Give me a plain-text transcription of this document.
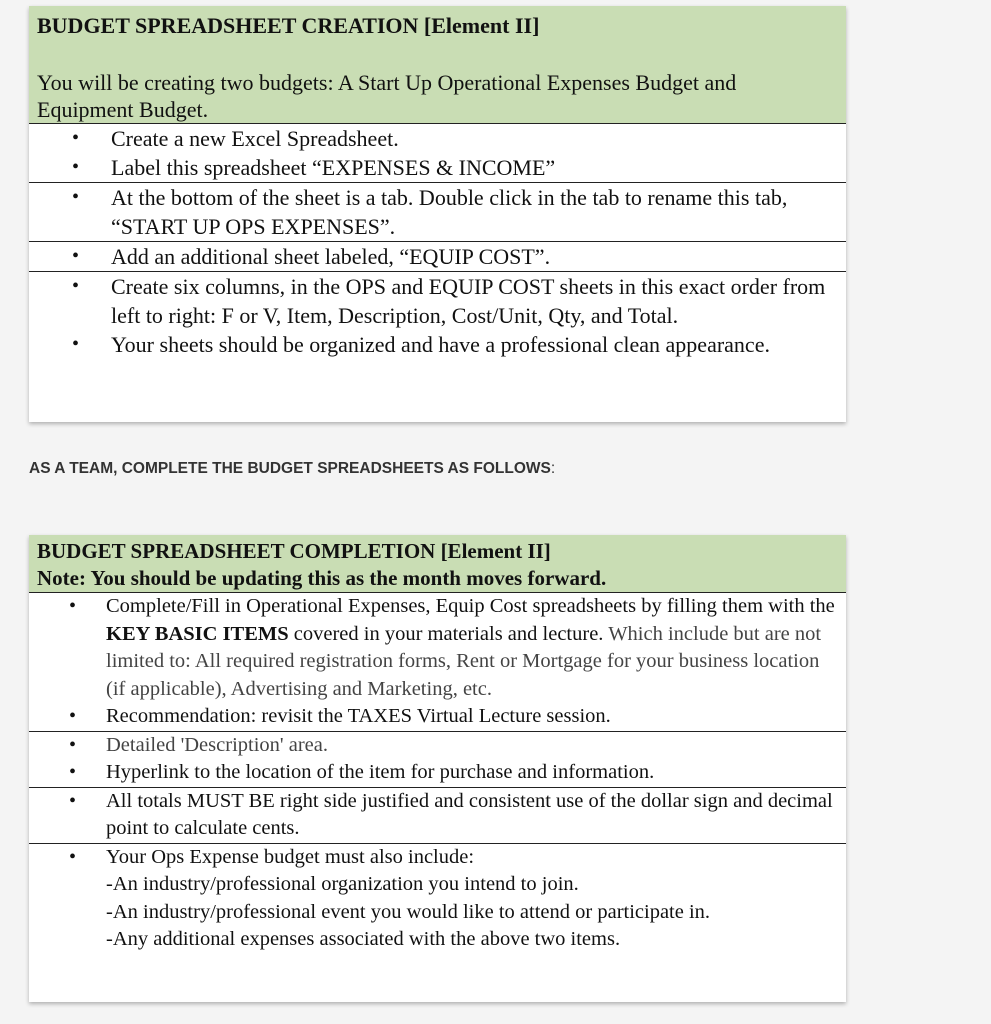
BUDGET SPREADSHEET CREATION [Element II]
You will be creating two budgets: A Start Up Operational Expenses Budget and Equipment Budget.
• Create a new Excel Spreadsheet.
• Label this spreadsheet “EXPENSES & INCOME”
• At the bottom of the sheet is a tab. Double click in the tab to rename this tab, “START UP OPS EXPENSES”.
• Add an additional sheet labeled, “EQUIP COST”.
• Create six columns, in the OPS and EQUIP COST sheets in this exact order from left to right: F or V, Item, Description, Cost/Unit, Qty, and Total.
• Your sheets should be organized and have a professional clean appearance.
AS A TEAM, COMPLETE THE BUDGET SPREADSHEETS AS FOLLOWS:
BUDGET SPREADSHEET COMPLETION [Element II]
Note: You should be updating this as the month moves forward.
• Complete/Fill in Operational Expenses, Equip Cost spreadsheets by filling them with the KEY BASIC ITEMS covered in your materials and lecture. Which include but are not limited to: All required registration forms, Rent or Mortgage for your business location (if applicable), Advertising and Marketing, etc.
• Recommendation: revisit the TAXES Virtual Lecture session.
• Detailed 'Description' area.
• Hyperlink to the location of the item for purchase and information.
• All totals MUST BE right side justified and consistent use of the dollar sign and decimal point to calculate cents.
• Your Ops Expense budget must also include:
-An industry/professional organization you intend to join.
-An industry/professional event you would like to attend or participate in.
-Any additional expenses associated with the above two items.
